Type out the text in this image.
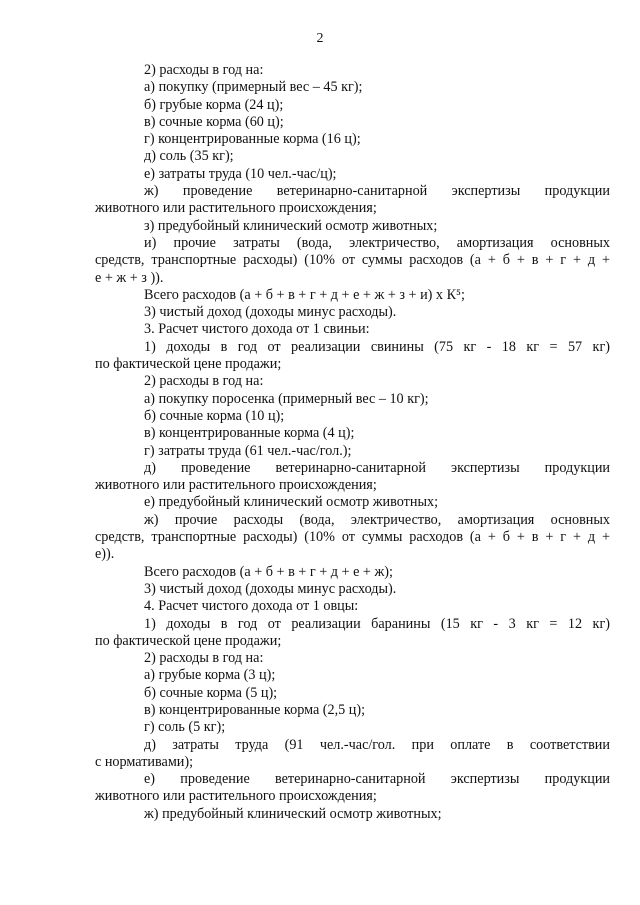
2

2) расходы в год на:

а) покупку (примерный вес – 45 кг);

б) грубые корма (24 ц);

в) сочные корма (60 ц);

г) концентрированные корма (16 ц);

д) соль (35 кг);

е) затраты труда (10 чел.-час/ц);

ж) проведение ветеринарно-санитарной экспертизы продукции

животного или растительного происхождения;

з) предубойный клинический осмотр животных;

и) прочие затраты (вода, электричество, амортизация основных

средств, транспортные расходы) (10% от суммы расходов (а + б + в + г + д +

е + ж + з )).

Всего расходов (а + б + в + г + д + е + ж + з + и) х К⁵;

3) чистый доход (доходы минус расходы).

3. Расчет чистого дохода от 1 свиньи:

1) доходы в год от реализации свинины (75 кг - 18 кг = 57 кг)

по фактической цене продажи;

2) расходы в год на:

а) покупку поросенка (примерный вес – 10 кг);

б) сочные корма (10 ц);

в) концентрированные корма (4 ц);

г) затраты труда (61 чел.-час/гол.);

д) проведение ветеринарно-санитарной экспертизы продукции

животного или растительного происхождения;

е) предубойный клинический осмотр животных;

ж) прочие расходы (вода, электричество, амортизация основных

средств, транспортные расходы) (10% от суммы расходов (а + б + в + г + д +

е)).

Всего расходов (а + б + в + г + д + е + ж);

3) чистый доход (доходы минус расходы).

4. Расчет чистого дохода от 1 овцы:

1) доходы в год от реализации баранины (15 кг - 3 кг = 12 кг)

по фактической цене продажи;

2) расходы в год на:

а) грубые корма (3 ц);

б) сочные корма (5 ц);

в) концентрированные корма (2,5 ц);

г) соль (5 кг);

д) затраты труда (91 чел.-час/гол. при оплате в соответствии

с нормативами);

е) проведение ветеринарно-санитарной экспертизы продукции

животного или растительного происхождения;

ж) предубойный клинический осмотр животных;
